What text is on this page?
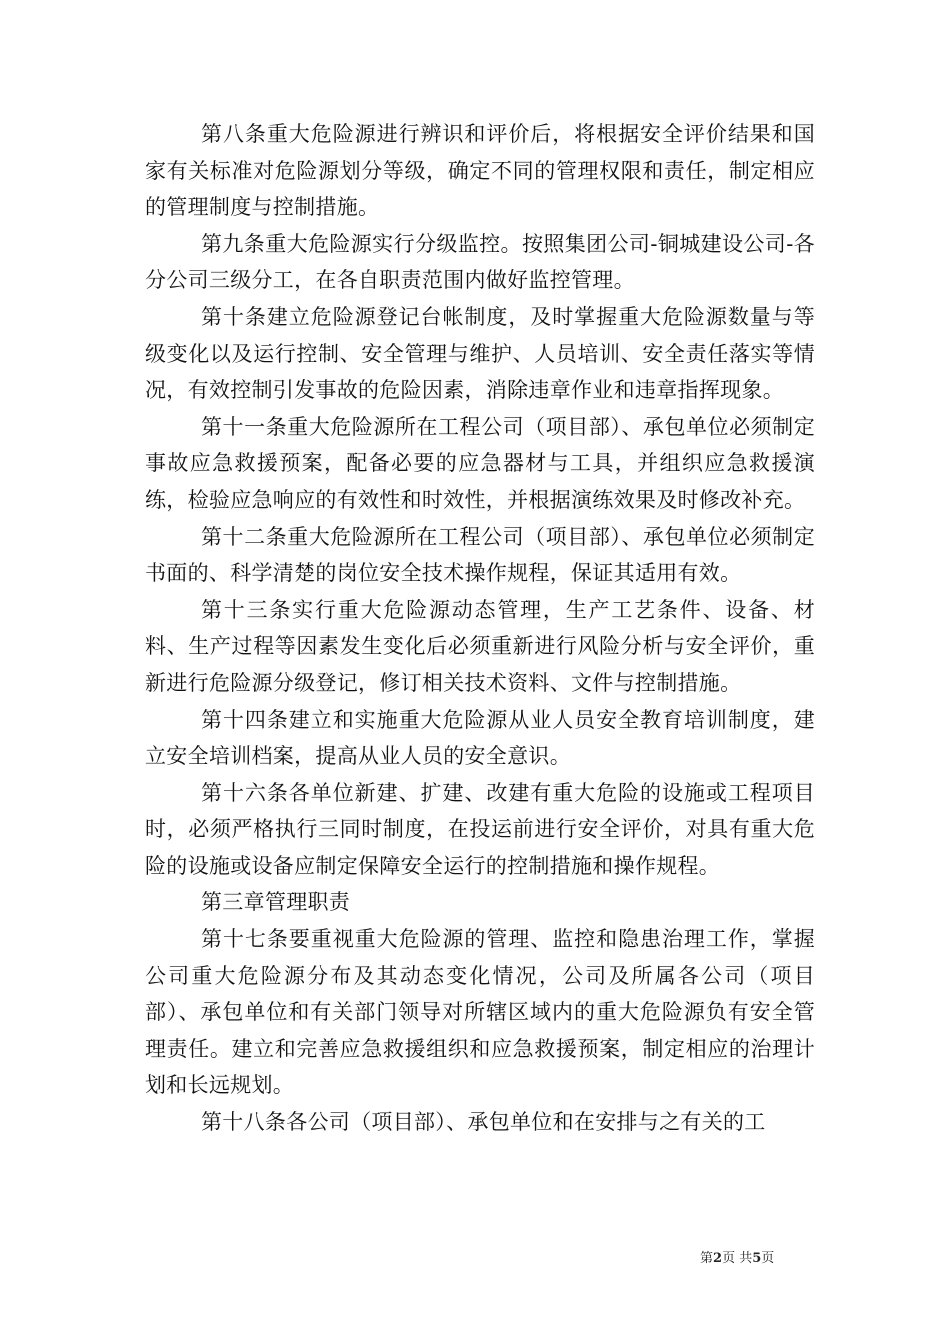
第八条重大危险源进行辨识和评价后，将根据安全评价结果和国家有关标准对危险源划分等级，确定不同的管理权限和责任，制定相应的管理制度与控制措施。

第九条重大危险源实行分级监控。按照集团公司-铜城建设公司-各分公司三级分工，在各自职责范围内做好监控管理。

第十条建立危险源登记台帐制度，及时掌握重大危险源数量与等级变化以及运行控制、安全管理与维护、人员培训、安全责任落实等情况，有效控制引发事故的危险因素，消除违章作业和违章指挥现象。

第十一条重大危险源所在工程公司（项目部）、承包单位必须制定事故应急救援预案，配备必要的应急器材与工具，并组织应急救援演练，检验应急响应的有效性和时效性，并根据演练效果及时修改补充。

第十二条重大危险源所在工程公司（项目部）、承包单位必须制定书面的、科学清楚的岗位安全技术操作规程，保证其适用有效。

第十三条实行重大危险源动态管理，生产工艺条件、设备、材料、生产过程等因素发生变化后必须重新进行风险分析与安全评价，重新进行危险源分级登记，修订相关技术资料、文件与控制措施。

第十四条建立和实施重大危险源从业人员安全教育培训制度，建立安全培训档案，提高从业人员的安全意识。

第十六条各单位新建、扩建、改建有重大危险的设施或工程项目时，必须严格执行三同时制度，在投运前进行安全评价，对具有重大危险的设施或设备应制定保障安全运行的控制措施和操作规程。

第三章管理职责

第十七条要重视重大危险源的管理、监控和隐患治理工作，掌握公司重大危险源分布及其动态变化情况，公司及所属各公司（项目部）、承包单位和有关部门领导对所辖区域内的重大危险源负有安全管理责任。建立和完善应急救援组织和应急救援预案，制定相应的治理计划和长远规划。

第十八条各公司（项目部）、承包单位和在安排与之有关的工

第2页 共5页
